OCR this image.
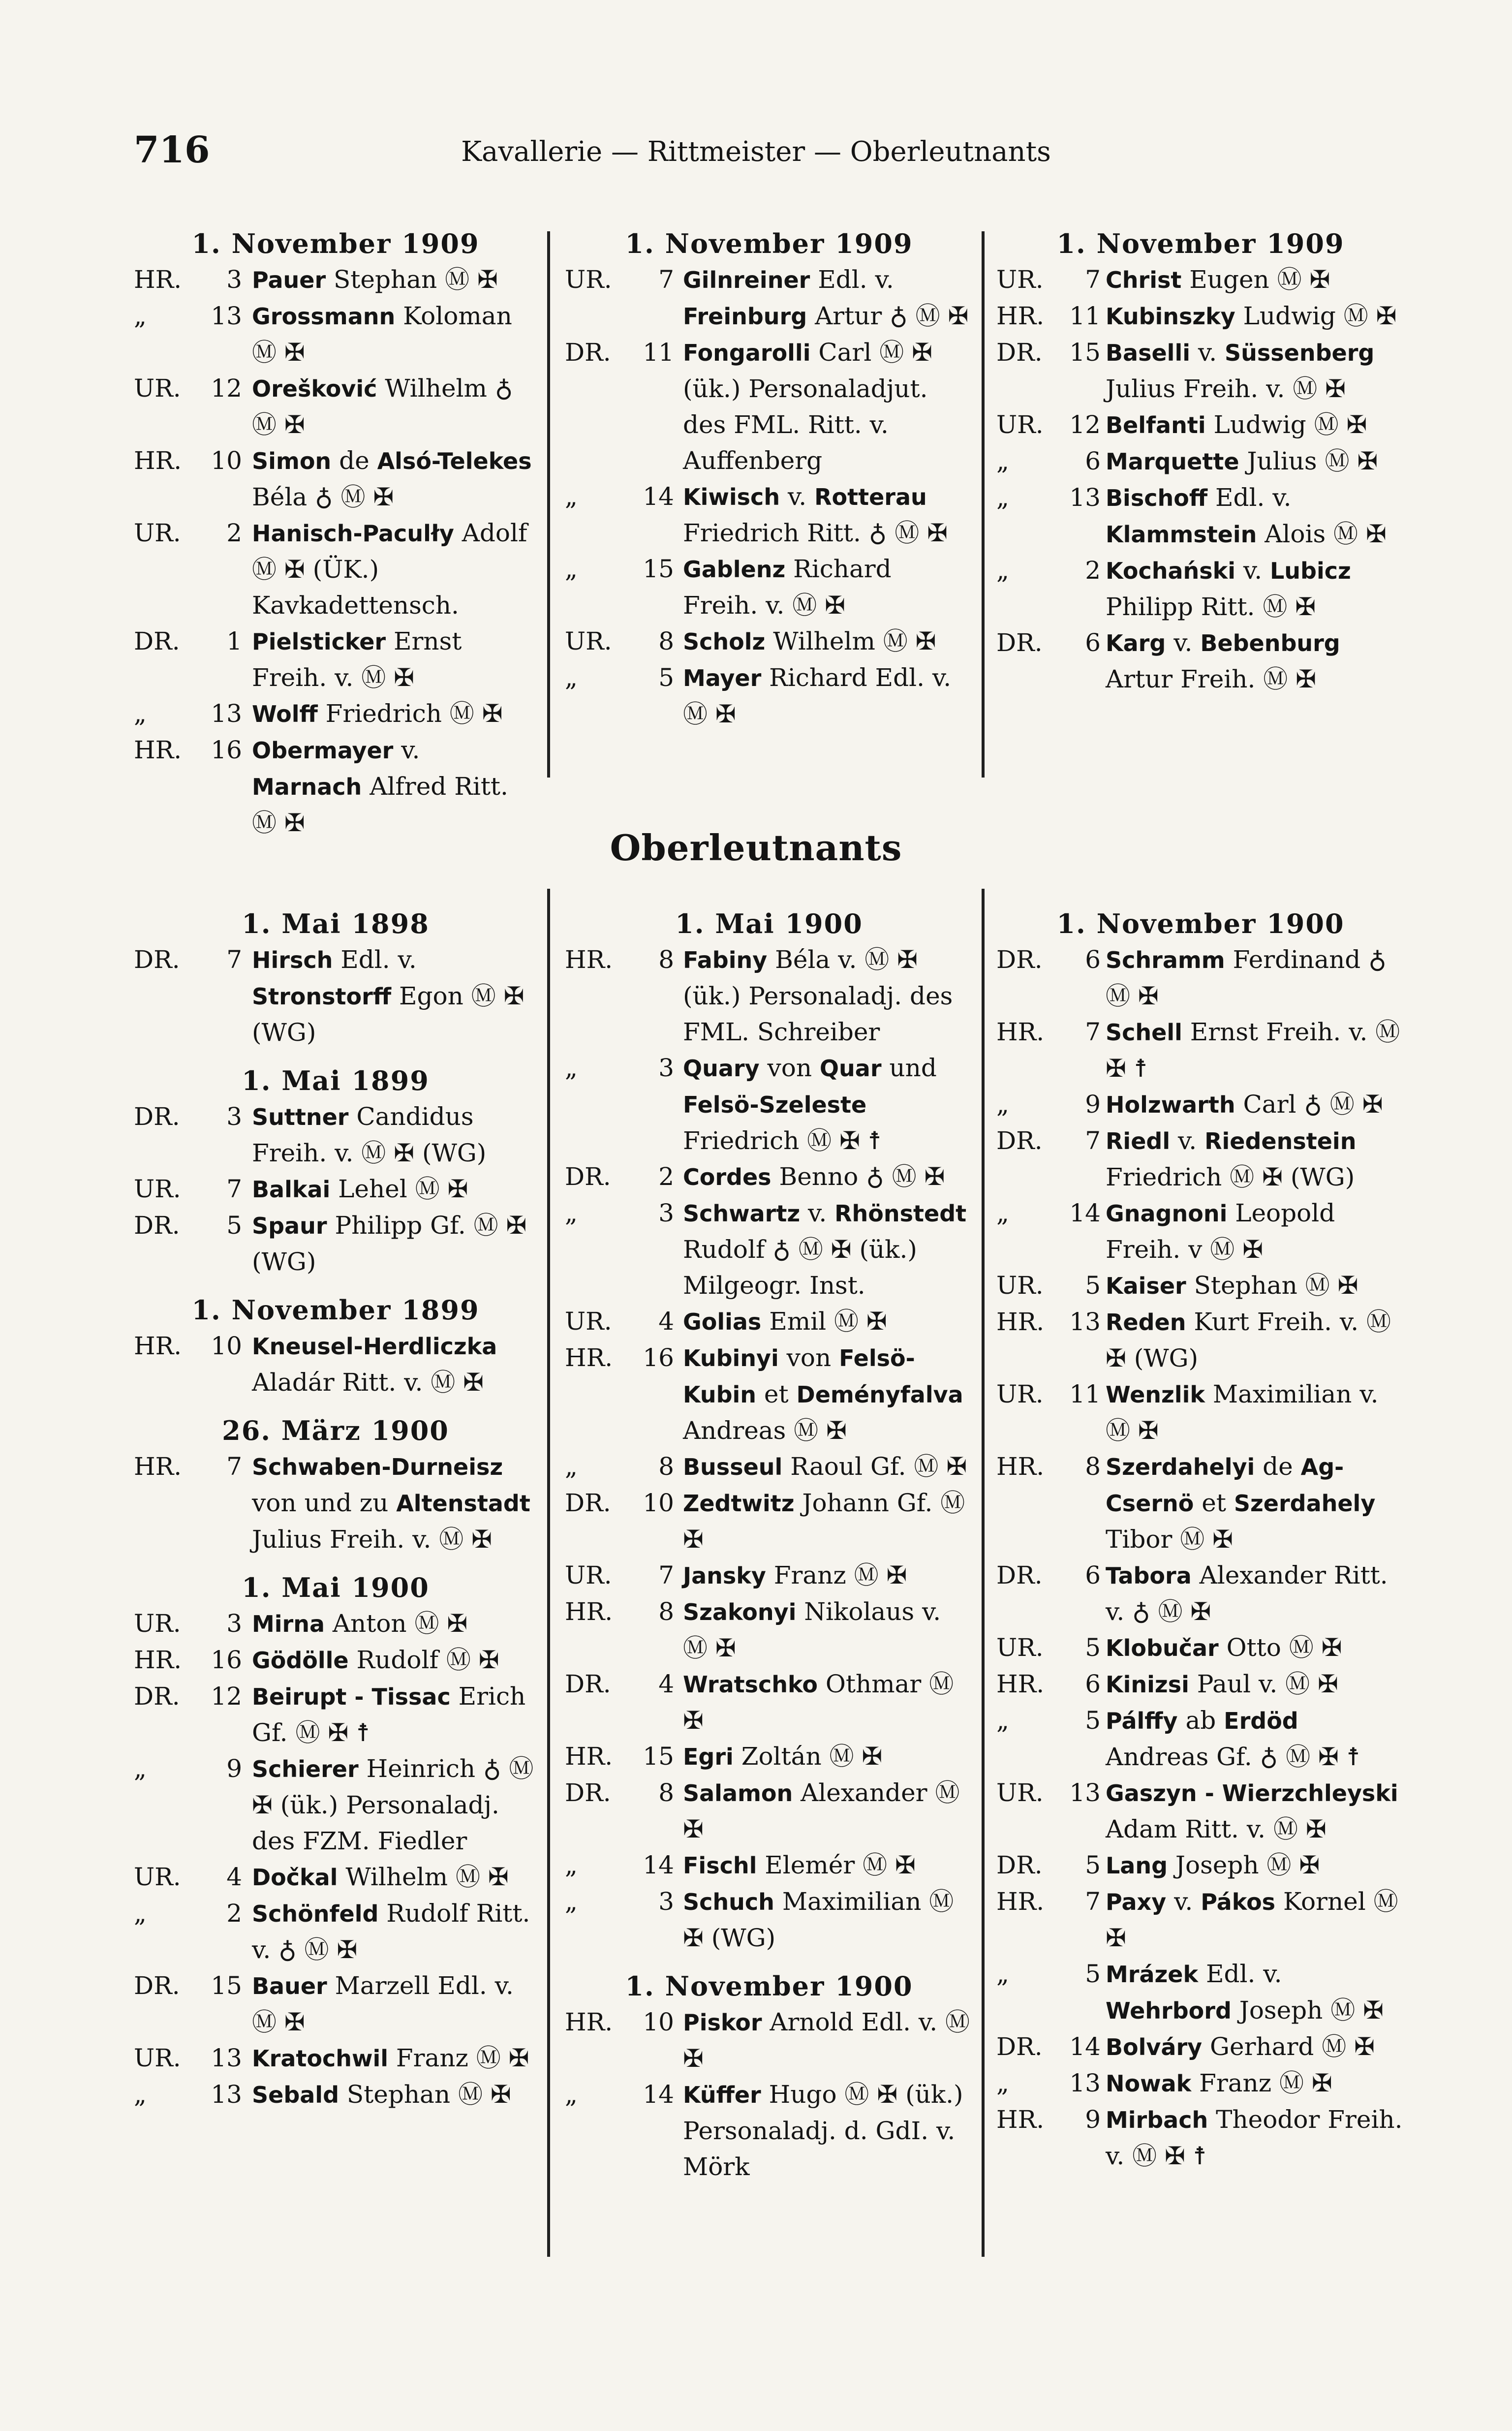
716	Kavallerie — Rittmeister — Oberleutnants
1. November 1909
HR.	3 Pauer Stephan Ⓜ ✠
„	13 Grossmann Koloman Ⓜ ✠
UR.	12 Orešković Wilhelm ♁ Ⓜ ✠
HR.	10 Simon de Alsó-Telekes Béla ♁ Ⓜ ✠
UR.	2 Hanisch-Paculły Adolf Ⓜ ✠ (ÜK.) Kavkadettensch.
DR.	1 Pielsticker Ernst Freih. v. Ⓜ ✠
„	13 Wolff Friedrich Ⓜ ✠
HR.	16 Obermayer v. Marnach Alfred Ritt. Ⓜ ✠
1. November 1909
UR.	7 Gilnreiner Edl. v. Freinburg Artur ♁ Ⓜ ✠
DR.	11 Fongarolli Carl Ⓜ ✠ (ük.) Personaladjut. des FML. Ritt. v. Auffenberg
„	14 Kiwisch v. Rotterau Friedrich Ritt. ♁ Ⓜ ✠
„	15 Gablenz Richard Freih. v. Ⓜ ✠
UR.	8 Scholz Wilhelm Ⓜ ✠
„	5 Mayer Richard Edl. v. Ⓜ ✠
1. November 1909
UR.	7 Christ Eugen Ⓜ ✠
HR.	11 Kubinszky Ludwig Ⓜ ✠
DR.	15 Baselli v. Süssenberg Julius Freih. v. Ⓜ ✠
UR.	12 Belfanti Ludwig Ⓜ ✠
„	6 Marquette Julius Ⓜ ✠
„	13 Bischoff Edl. v. Klammstein Alois Ⓜ ✠
„	2 Kochański v. Lubicz Philipp Ritt. Ⓜ ✠
DR.	6 Karg v. Bebenburg Artur Freih. Ⓜ ✠
Oberleutnants
1. Mai 1898
DR.	7 Hirsch Edl. v. Stronstorff Egon Ⓜ ✠ (WG)
1. Mai 1899
DR.	3 Suttner Candidus Freih. v. Ⓜ ✠ (WG)
UR.	7 Balkai Lehel Ⓜ ✠
DR.	5 Spaur Philipp Gf. Ⓜ ✠ (WG)
1. November 1899
HR.	10 Kneusel-Herdliczka Aladár Ritt. v. Ⓜ ✠
26. März 1900
HR.	7 Schwaben-Durneisz von und zu Altenstadt Julius Freih. v. Ⓜ ✠
1. Mai 1900
UR.	3 Mirna Anton Ⓜ ✠
HR.	16 Gödölle Rudolf Ⓜ ✠
DR.	12 Beirupt - Tissac Erich Gf. Ⓜ ✠ ☨
„	9 Schierer Heinrich ♁ Ⓜ ✠ (ük.) Personaladj. des FZM. Fiedler
UR.	4 Dočkal Wilhelm Ⓜ ✠
„	2 Schönfeld Rudolf Ritt. v. ♁ Ⓜ ✠
DR.	15 Bauer Marzell Edl. v. Ⓜ ✠
UR.	13 Kratochwil Franz Ⓜ ✠
„	13 Sebald Stephan Ⓜ ✠
1. Mai 1900
HR.	8 Fabiny Béla v. Ⓜ ✠ (ük.) Personaladj. des FML. Schreiber
„	3 Quary von Quar und Felsö-Szeleste Friedrich Ⓜ ✠ ☨
DR.	2 Cordes Benno ♁ Ⓜ ✠
„	3 Schwartz v. Rhönstedt Rudolf ♁ Ⓜ ✠ (ük.) Milgeogr. Inst.
UR.	4 Golias Emil Ⓜ ✠
HR.	16 Kubinyi von Felsö-Kubin et Deményfalva Andreas Ⓜ ✠
„	8 Busseul Raoul Gf. Ⓜ ✠
DR.	10 Zedtwitz Johann Gf. Ⓜ ✠
UR.	7 Jansky Franz Ⓜ ✠
HR.	8 Szakonyi Nikolaus v. Ⓜ ✠
DR.	4 Wratschko Othmar Ⓜ ✠
HR.	15 Egri Zoltán Ⓜ ✠
DR.	8 Salamon Alexander Ⓜ ✠
„	14 Fischl Elemér Ⓜ ✠
„	3 Schuch Maximilian Ⓜ ✠ (WG)
1. November 1900
HR.	10 Piskor Arnold Edl. v. Ⓜ ✠
„	14 Küffer Hugo Ⓜ ✠ (ük.) Personaladj. d. GdI. v. Mörk
1. November 1900
DR.	6 Schramm Ferdinand ♁ Ⓜ ✠
HR.	7 Schell Ernst Freih. v. Ⓜ ✠ ☨
„	9 Holzwarth Carl ♁ Ⓜ ✠
DR.	7 Riedl v. Riedenstein Friedrich Ⓜ ✠ (WG)
„	14 Gnagnoni Leopold Freih. v Ⓜ ✠
UR.	5 Kaiser Stephan Ⓜ ✠
HR.	13 Reden Kurt Freih. v. Ⓜ ✠ (WG)
UR.	11 Wenzlik Maximilian v. Ⓜ ✠
HR.	8 Szerdahelyi de Ag-Csernö et Szerdahely Tibor Ⓜ ✠
DR.	6 Tabora Alexander Ritt. v. ♁ Ⓜ ✠
UR.	5 Klobučar Otto Ⓜ ✠
HR.	6 Kinizsi Paul v. Ⓜ ✠
„	5 Pálffy ab Erdöd Andreas Gf. ♁ Ⓜ ✠ ☨
UR.	13 Gaszyn - Wierzchleyski Adam Ritt. v. Ⓜ ✠
DR.	5 Lang Joseph Ⓜ ✠
HR.	7 Paxy v. Pákos Kornel Ⓜ ✠
„	5 Mrázek Edl. v. Wehrbord Joseph Ⓜ ✠
DR.	14 Bolváry Gerhard Ⓜ ✠
„	13 Nowak Franz Ⓜ ✠
HR.	9 Mirbach Theodor Freih. v. Ⓜ ✠ ☨
